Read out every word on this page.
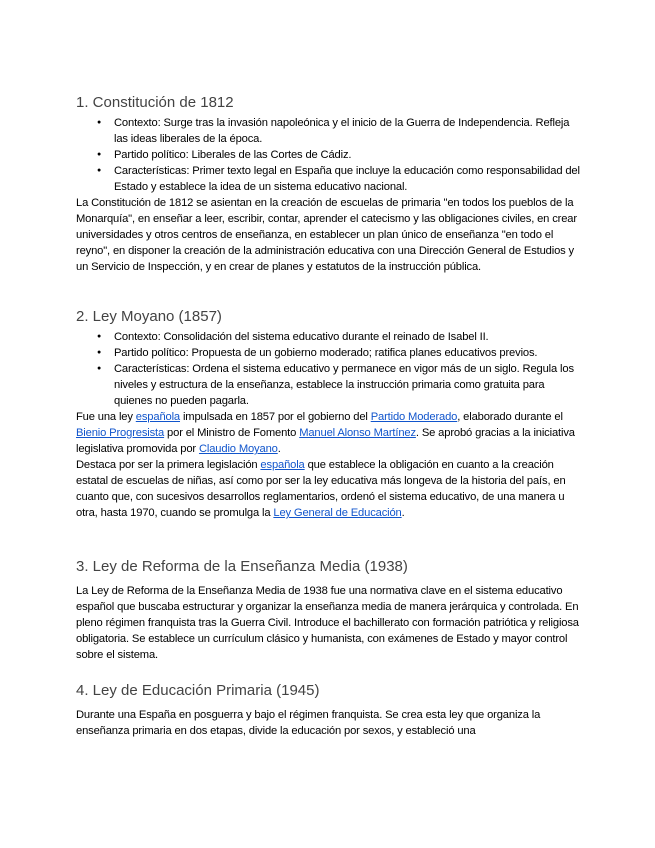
1. Constitución de 1812
● Contexto: Surge tras la invasión napoleónica y el inicio de la Guerra de Independencia. Refleja las ideas liberales de la época.
● Partido político: Liberales de las Cortes de Cádiz.
● Características: Primer texto legal en España que incluye la educación como responsabilidad del Estado y establece la idea de un sistema educativo nacional.

La Constitución de 1812 se asientan en la creación de escuelas de primaria "en todos los pueblos de la Monarquía", en enseñar a leer, escribir, contar, aprender el catecismo y las obligaciones civiles, en crear universidades y otros centros de enseñanza, en establecer un plan único de enseñanza "en todo el reyno", en disponer la creación de la administración educativa con una Dirección General de Estudios y un Servicio de Inspección, y en crear de planes y estatutos de la instrucción pública.

2. Ley Moyano (1857)
● Contexto: Consolidación del sistema educativo durante el reinado de Isabel II.
● Partido político: Propuesta de un gobierno moderado; ratifica planes educativos previos.
● Características: Ordena el sistema educativo y permanece en vigor más de un siglo. Regula los niveles y estructura de la enseñanza, establece la instrucción primaria como gratuita para quienes no pueden pagarla.

Fue una ley española impulsada en 1857 por el gobierno del Partido Moderado, elaborado durante el Bienio Progresista por el Ministro de Fomento Manuel Alonso Martínez. Se aprobó gracias a la iniciativa legislativa promovida por Claudio Moyano.

Destaca por ser la primera legislación española que establece la obligación en cuanto a la creación estatal de escuelas de niñas, así como por ser la ley educativa más longeva de la historia del país, en cuanto que, con sucesivos desarrollos reglamentarios, ordenó el sistema educativo, de una manera u otra, hasta 1970, cuando se promulga la Ley General de Educación.

3. Ley de Reforma de la Enseñanza Media (1938)

La Ley de Reforma de la Enseñanza Media de 1938 fue una normativa clave en el sistema educativo español que buscaba estructurar y organizar la enseñanza media de manera jerárquica y controlada. En pleno régimen franquista tras la Guerra Civil. Introduce el bachillerato con formación patriótica y religiosa obligatoria. Se establece un currículum clásico y humanista, con exámenes de Estado y mayor control sobre el sistema.

4. Ley de Educación Primaria (1945)

Durante una España en posguerra y bajo el régimen franquista. Se crea esta ley que organiza la enseñanza primaria en dos etapas, divide la educación por sexos, y estableció una
